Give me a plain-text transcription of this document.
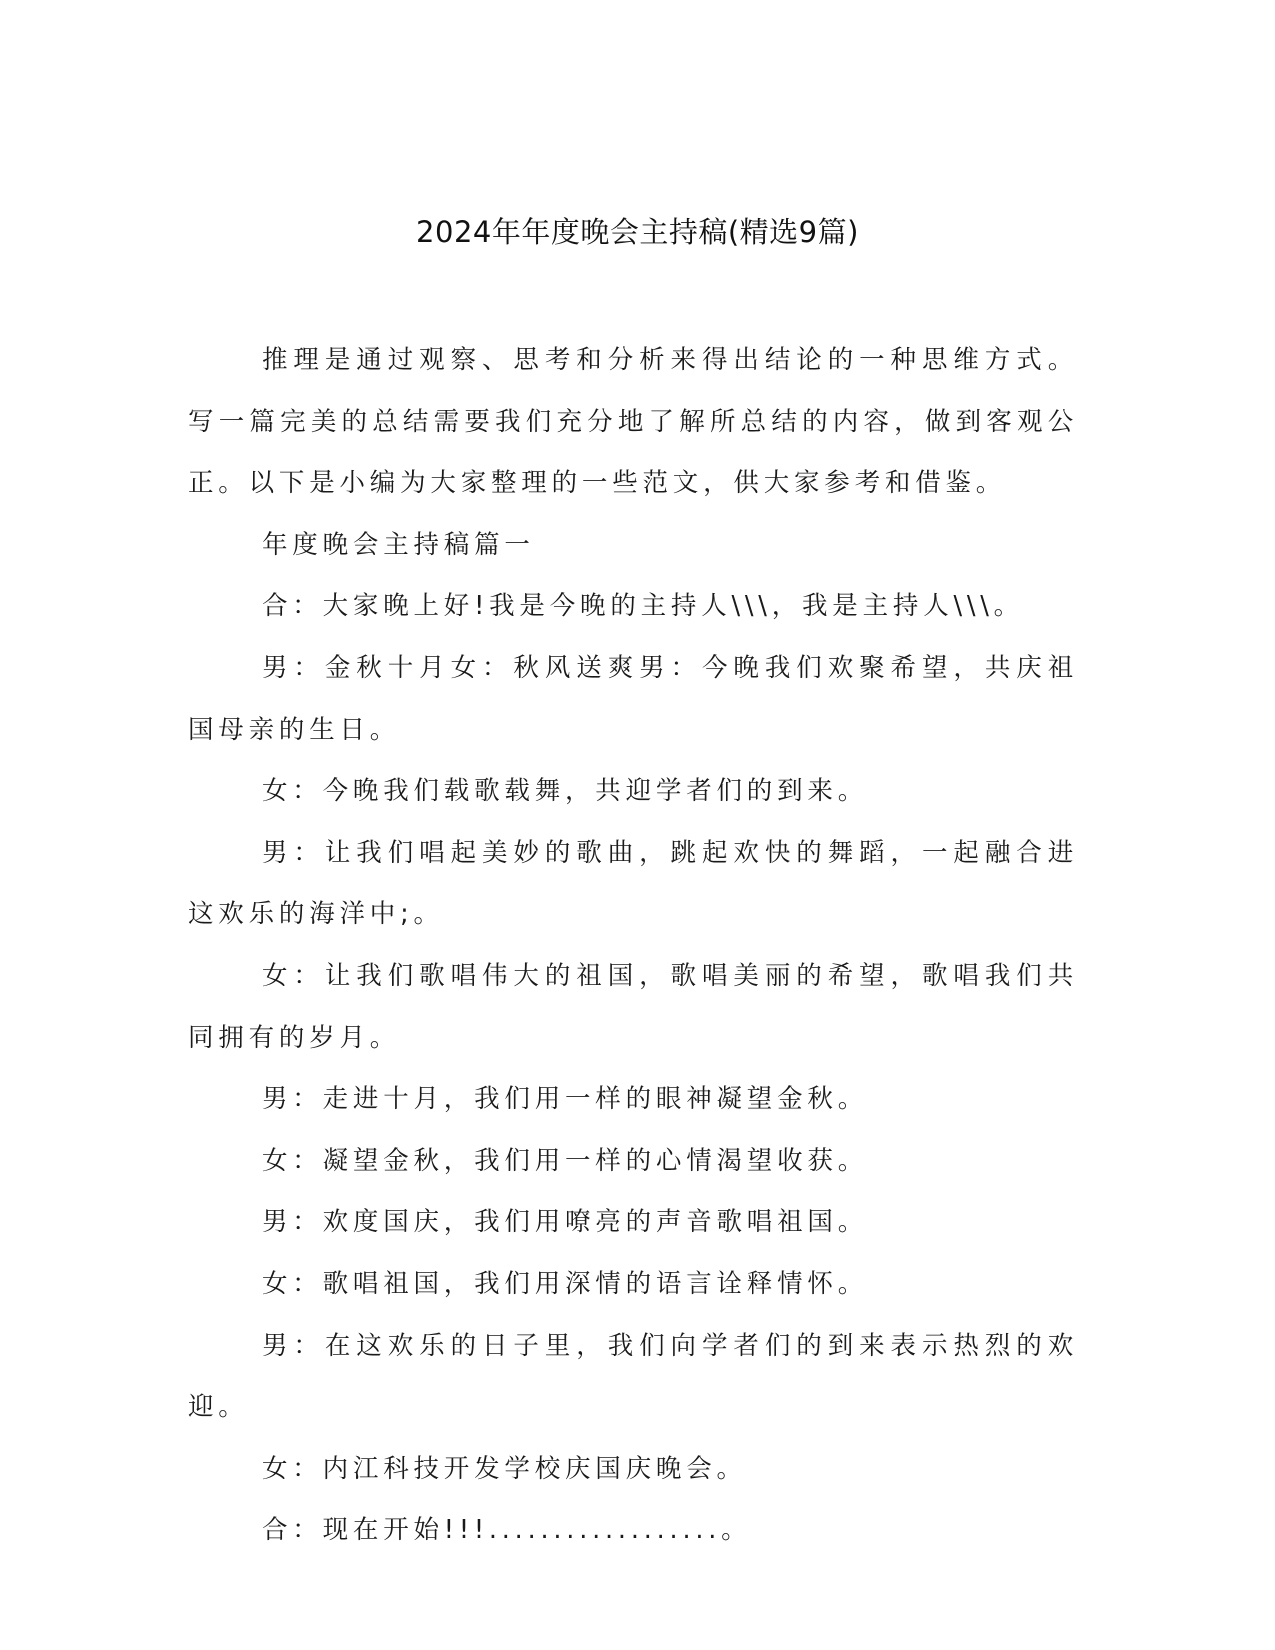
2024年年度晚会主持稿(精选9篇)

推理是通过观察、思考和分析来得出结论的一种思维方式。写一篇完美的总结需要我们充分地了解所总结的内容，做到客观公正。以下是小编为大家整理的一些范文，供大家参考和借鉴。

年度晚会主持稿篇一

合：大家晚上好!我是今晚的主持人\\\，我是主持人\\\。

男：金秋十月女：秋风送爽男：今晚我们欢聚希望，共庆祖国母亲的生日。

女：今晚我们载歌载舞，共迎学者们的到来。

男：让我们唱起美妙的歌曲，跳起欢快的舞蹈，一起融合进这欢乐的海洋中;。

女：让我们歌唱伟大的祖国，歌唱美丽的希望，歌唱我们共同拥有的岁月。

男：走进十月，我们用一样的眼神凝望金秋。

女：凝望金秋，我们用一样的心情渴望收获。

男：欢度国庆，我们用嘹亮的声音歌唱祖国。

女：歌唱祖国，我们用深情的语言诠释情怀。

男：在这欢乐的日子里，我们向学者们的到来表示热烈的欢迎。

女：内江科技开发学校庆国庆晚会。

合：现在开始!!!..................。
